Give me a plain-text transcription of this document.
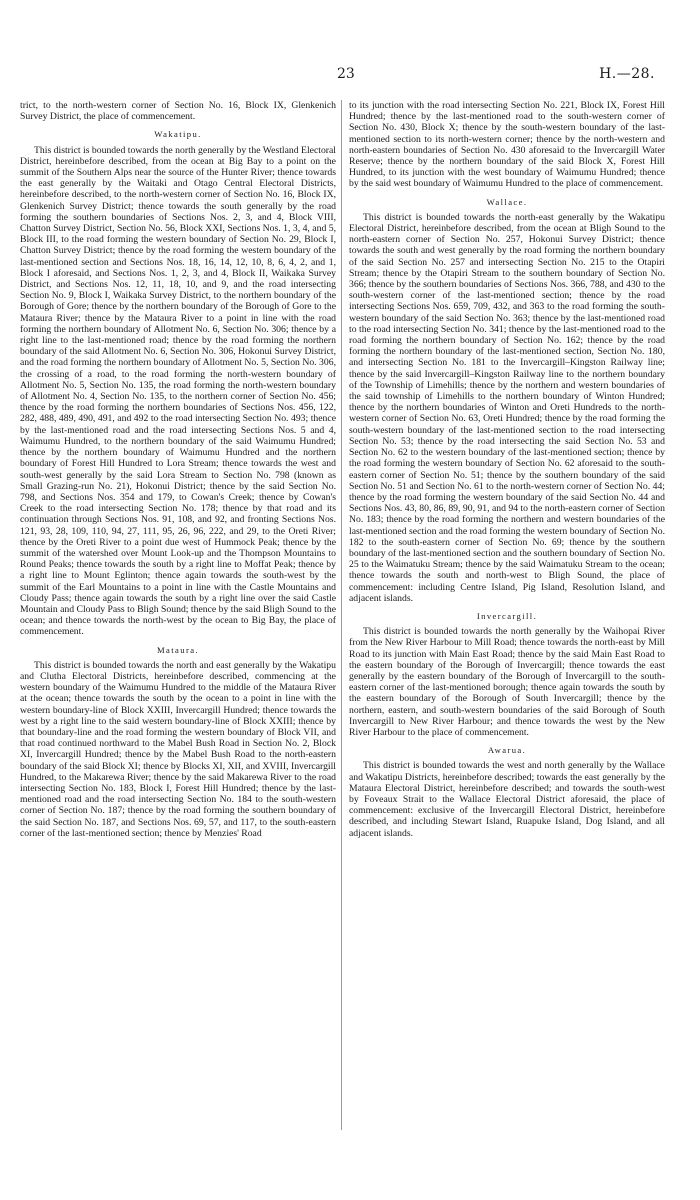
23	H.—28.

trict, to the north-western corner of Section No. 16, Block IX, Glenkenich Survey District, the place of commencement.

Wakatipu.

This district is bounded towards the north generally by the Westland Electoral District, hereinbefore described, from the ocean at Big Bay to a point on the summit of the Southern Alps near the source of the Hunter River; thence towards the east generally by the Waitaki and Otago Central Electoral Districts, hereinbefore described, to the north-western corner of Section No. 16, Block IX, Glenkenich Survey District; thence towards the south generally by the road forming the southern boundaries of Sections Nos. 2, 3, and 4, Block VIII, Chatton Survey District, Section No. 56, Block XXI, Sections Nos. 1, 3, 4, and 5, Block III, to the road forming the western boundary of Section No. 29, Block I, Chatton Survey District; thence by the road forming the western boundary of the last-mentioned section and Sections Nos. 18, 16, 14, 12, 10, 8, 6, 4, 2, and 1, Block I aforesaid, and Sections Nos. 1, 2, 3, and 4, Block II, Waikaka Survey District, and Sections Nos. 12, 11, 18, 10, and 9, and the road intersecting Section No. 9, Block I, Waikaka Survey District, to the northern boundary of the Borough of Gore; thence by the northern boundary of the Borough of Gore to the Mataura River; thence by the Mataura River to a point in line with the road forming the northern boundary of Allotment No. 6, Section No. 306; thence by a right line to the last-mentioned road; thence by the road forming the northern boundary of the said Allotment No. 6, Section No. 306, Hokonui Survey District, and the road forming the northern boundary of Allotment No. 5, Section No. 306, the crossing of a road, to the road forming the north-western boundary of Allotment No. 5, Section No. 135, the road forming the north-western boundary of Allotment No. 4, Section No. 135, to the northern corner of Section No. 456; thence by the road forming the northern boundaries of Sections Nos. 456, 122, 282, 488, 489, 490, 491, and 492 to the road intersecting Section No. 493; thence by the last-mentioned road and the road intersecting Sections Nos. 5 and 4, Waimumu Hundred, to the northern boundary of the said Waimumu Hundred; thence by the northern boundary of Waimumu Hundred and the northern boundary of Forest Hill Hundred to Lora Stream; thence towards the west and south-west generally by the said Lora Stream to Section No. 798 (known as Small Grazing-run No. 21), Hokonui District; thence by the said Section No. 798, and Sections Nos. 354 and 179, to Cowan's Creek; thence by Cowan's Creek to the road intersecting Section No. 178; thence by that road and its continuation through Sections Nos. 91, 108, and 92, and fronting Sections Nos. 121, 93, 28, 109, 110, 94, 27, 111, 95, 26, 96, 222, and 29, to the Oreti River; thence by the Oreti River to a point due west of Hummock Peak; thence by the summit of the watershed over Mount Look-up and the Thompson Mountains to Round Peaks; thence towards the south by a right line to Moffat Peak; thence by a right line to Mount Eglinton; thence again towards the south-west by the summit of the Earl Mountains to a point in line with the Castle Mountains and Cloudy Pass; thence again towards the south by a right line over the said Castle Mountain and Cloudy Pass to Bligh Sound; thence by the said Bligh Sound to the ocean; and thence towards the north-west by the ocean to Big Bay, the place of commencement.

Mataura.

This district is bounded towards the north and east generally by the Wakatipu and Clutha Electoral Districts, hereinbefore described, commencing at the western boundary of the Waimumu Hundred to the middle of the Mataura River at the ocean; thence towards the south by the ocean to a point in line with the western boundary-line of Block XXIII, Invercargill Hundred; thence towards the west by a right line to the said western boundary-line of Block XXIII; thence by that boundary-line and the road forming the western boundary of Block VII, and that road continued northward to the Mabel Bush Road in Section No. 2, Block XI, Invercargill Hundred; thence by the Mabel Bush Road to the north-eastern boundary of the said Block XI; thence by Blocks XI, XII, and XVIII, Invercargill Hundred, to the Makarewa River; thence by the said Makarewa River to the road intersecting Section No. 183, Block I, Forest Hill Hundred; thence by the last-mentioned road and the road intersecting Section No. 184 to the south-western corner of Section No. 187; thence by the road forming the southern boundary of the said Section No. 187, and Sections Nos. 69, 57, and 117, to the south-eastern corner of the last-mentioned section; thence by Menzies' Road

to its junction with the road intersecting Section No. 221, Block IX, Forest Hill Hundred; thence by the last-mentioned road to the south-western corner of Section No. 430, Block X; thence by the south-western boundary of the last-mentioned section to its north-western corner; thence by the north-western and north-eastern boundaries of Section No. 430 aforesaid to the Invercargill Water Reserve; thence by the northern boundary of the said Block X, Forest Hill Hundred, to its junction with the west boundary of Waimumu Hundred; thence by the said west boundary of Waimumu Hundred to the place of commencement.

Wallace.

This district is bounded towards the north-east generally by the Wakatipu Electoral District, hereinbefore described, from the ocean at Bligh Sound to the north-eastern corner of Section No. 257, Hokonui Survey District; thence towards the south and west generally by the road forming the northern boundary of the said Section No. 257 and intersecting Section No. 215 to the Otapiri Stream; thence by the Otapiri Stream to the southern boundary of Section No. 366; thence by the southern boundaries of Sections Nos. 366, 788, and 430 to the south-western corner of the last-mentioned section; thence by the road intersecting Sections Nos. 659, 709, 432, and 363 to the road forming the south-western boundary of the said Section No. 363; thence by the last-mentioned road to the road intersecting Section No. 341; thence by the last-mentioned road to the road forming the northern boundary of Section No. 162; thence by the road forming the northern boundary of the last-mentioned section, Section No. 180, and intersecting Section No. 181 to the Invercargill–Kingston Railway line; thence by the said Invercargill–Kingston Railway line to the northern boundary of the Township of Limehills; thence by the northern and western boundaries of the said township of Limehills to the northern boundary of Winton Hundred; thence by the northern boundaries of Winton and Oreti Hundreds to the north-western corner of Section No. 63, Oreti Hundred; thence by the road forming the south-western boundary of the last-mentioned section to the road intersecting Section No. 53; thence by the road intersecting the said Section No. 53 and Section No. 62 to the western boundary of the last-mentioned section; thence by the road forming the western boundary of Section No. 62 aforesaid to the south-eastern corner of Section No. 51; thence by the southern boundary of the said Section No. 51 and Section No. 61 to the north-western corner of Section No. 44; thence by the road forming the western boundary of the said Section No. 44 and Sections Nos. 43, 80, 86, 89, 90, 91, and 94 to the north-eastern corner of Section No. 183; thence by the road forming the northern and western boundaries of the last-mentioned section and the road forming the western boundary of Section No. 182 to the south-eastern corner of Section No. 69; thence by the southern boundary of the last-mentioned section and the southern boundary of Section No. 25 to the Waimatuku Stream; thence by the said Waimatuku Stream to the ocean; thence towards the south and north-west to Bligh Sound, the place of commencement: including Centre Island, Pig Island, Resolution Island, and adjacent islands.

Invercargill.

This district is bounded towards the north generally by the Waihopai River from the New River Harbour to Mill Road; thence towards the north-east by Mill Road to its junction with Main East Road; thence by the said Main East Road to the eastern boundary of the Borough of Invercargill; thence towards the east generally by the eastern boundary of the Borough of Invercargill to the south-eastern corner of the last-mentioned borough; thence again towards the south by the eastern boundary of the Borough of South Invercargill; thence by the northern, eastern, and south-western boundaries of the said Borough of South Invercargill to New River Harbour; and thence towards the west by the New River Harbour to the place of commencement.

Awarua.

This district is bounded towards the west and north generally by the Wallace and Wakatipu Districts, hereinbefore described; towards the east generally by the Mataura Electoral District, hereinbefore described; and towards the south-west by Foveaux Strait to the Wallace Electoral District aforesaid, the place of commencement: exclusive of the Invercargill Electoral District, hereinbefore described, and including Stewart Island, Ruapuke Island, Dog Island, and all adjacent islands.
